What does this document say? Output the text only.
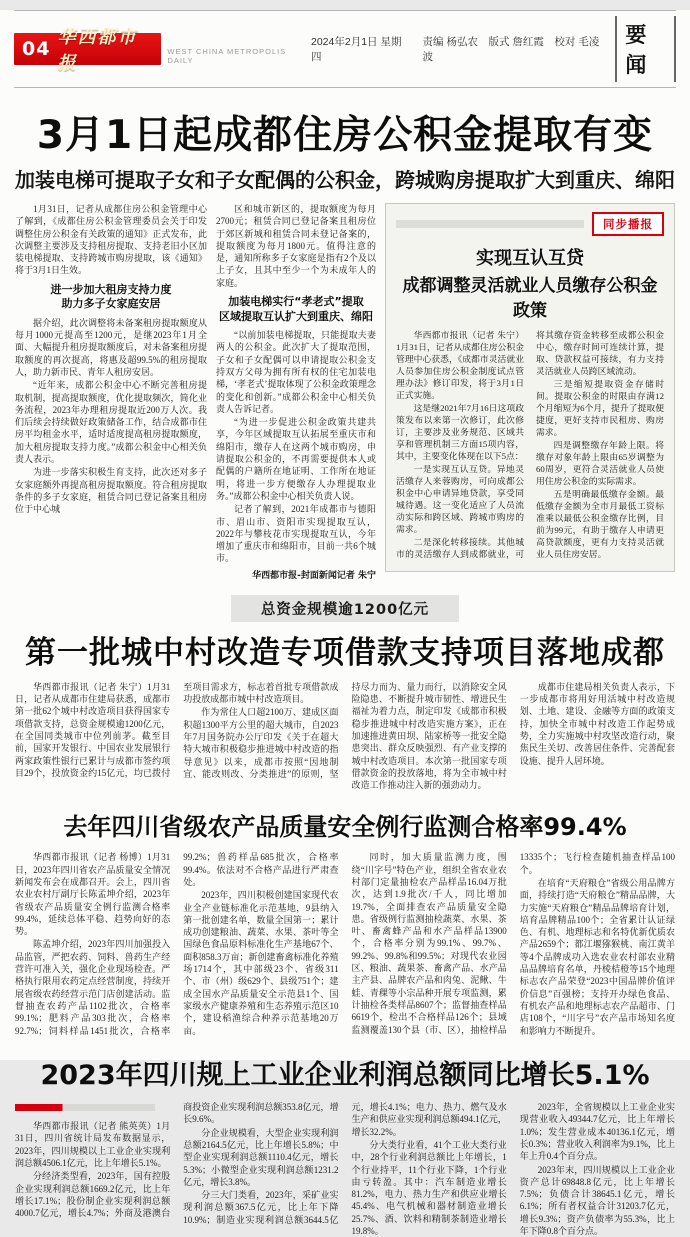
04
华西都市报
WEST CHINA METROPOLIS DAILY
2024年2月1日 星期四
责编 杨弘农　版式 詹红霞　校对 毛凌波
要闻
3月1日起成都住房公积金提取有变
加装电梯可提取子女和子女配偶的公积金，跨城购房提取扩大到重庆、绵阳

1月31日，记者从成都住房公积金管理中心了解到，《成都住房公积金管理委员会关于印发调整住房公积金有关政策的通知》正式发布，此次调整主要涉及支持租房提取、支持老旧小区加装电梯提取、支持跨城市购房提取，该《通知》将于3月1日生效。

进一步加大租房支持力度
助力多子女家庭安居

据介绍，此次调整将未备案租房提取额度从每月1000元提高至1200元，是继2023年1月全面、大幅提升租房提取额度后，对未备案租房提取额度的再次提高，将惠及超99.5%的租房提取人，助力新市民、青年人租房安居。

“近年来，成都公积金中心不断完善租房提取机制，提高提取额度，优化提取频次，简化业务流程，2023年办理租房提取近200万人次。我们后续会持续做好政策储备工作，结合成都市住房平均租金水平，适时适度提高租房提取额度，加大租房提取支持力度。”成都公积金中心相关负责人表示。

为进一步落实积极生育支持，此次还对多子女家庭额外再提高租房提取额度。符合租房提取条件的多子女家庭，租赁合同已登记备案且租房位于中心城

区和城市新区的，提取额度为每月2700元；租赁合同已登记备案且租房位于郊区新城和租赁合同未登记备案的，提取额度为每月1800元。值得注意的是，通知所称多子女家庭是指有2个及以上子女，且其中至少一个为未成年人的家庭。

加装电梯实行“孝老式”提取
区域提取互认扩大到重庆、绵阳

“以前加装电梯提取，只能提取夫妻两人的公积金。此次扩大了提取范围，子女和子女配偶可以申请提取公积金支持双方父母为拥有所有权的住宅加装电梯，‘孝老式’提取体现了公积金政策理念的变化和创新。”成都公积金中心相关负责人告诉记者。

“为进一步促进公积金政策共建共享，今年区域提取互认拓展至重庆市和绵阳市，缴存人在这两个城市购房，申请提取公积金的，不再需要提供本人或配偶的户籍所在地证明、工作所在地证明，将进一步方便缴存人办理提取业务。”成都公积金中心相关负责人说。

记者了解到，2021年成都市与德阳市、眉山市、资阳市实现提取互认，2022年与攀枝花市实现提取互认，今年增加了重庆市和绵阳市，目前一共6个城市。

华西都市报-封面新闻记者 朱宁
同步播报
实现互认互贷
成都调整灵活就业人员缴存公积金政策

华西都市报讯（记者 朱宁）1月31日，记者从成都住房公积金管理中心获悉，《成都市灵活就业人员参加住房公积金制度试点管理办法》修订印发，将于3月1日正式实施。

这是继2021年7月16日这项政策发布以来第一次修订，此次修订，主要涉及业务规范、区域共享和管理机制三方面15项内容，其中，主要变化体现在以下5点：

一是实现互认互贷。异地灵活缴存人来蓉购房，可向成都公积金中心申请异地贷款，享受同城待遇。这一变化适应了人员流动实际和跨区域、跨城市购房的需求。

二是深化转移接续。其他城市的灵活缴存人到成都就业，可将其缴存资金转移至成都公积金中心，缴存时间可连续计算，提取、贷款权益可接续，有力支持灵活就业人员跨区域流动。

三是缩短提取资金存储时间。提取公积金的时限由存满12个月缩短为6个月，提升了提取便捷度，更好支持市民租房、购房需求。

四是调整缴存年龄上限。将缴存对象年龄上限由65岁调整为60周岁，更符合灵活就业人员使用住房公积金的实际需求。

五是明确最低缴存金额。最低缴存金额为全市月最低工资标准乘以最低公积金缴存比例，目前为99元，有助于缴存人申请更高贷款额度，更有力支持灵活就业人员住房安居。

总资金规模逾1200亿元
第一批城中村改造专项借款支持项目落地成都

华西都市报讯（记者 朱宁）1月31日，记者从成都市住建局获悉，成都市第一批62个城中村改造项目获得国家专项借款支持，总资金规模逾1200亿元，在全国同类城市中位列前茅。截至目前，国家开发银行、中国农业发展银行两家政策性银行已累计与成都市签约项目29个，投放资金约15亿元，均已拨付至项目需求方，标志着首批专项借款成功投放成都市城中村改造项目。

作为常住人口超2100万、建成区面积超1300平方公里的超大城市，自2023年7月国务院办公厅印发《关于在超大特大城市积极稳步推进城中村改造的指导意见》以来，成都市按照“因地制宜、能改则改、分类推进”的原则，坚持尽力而为、量力而行，以消除安全风险隐患、不断提升城市韧性、增进民生福祉为着力点，制定印发《成都市积极稳步推进城中村改造实施方案》，正在加速推进黄田坝、陆家桥等一批安全隐患突出、群众反映强烈、有产业支撑的城中村改造项目。本次第一批国家专项借款资金的投放落地，将为全市城中村改造工作推动注入新的强劲动力。

成都市住建局相关负责人表示，下一步成都市将用好用活城中村改造规划、土地、建设、金融等方面的政策支持，加快全市城中村改造工作起势成势，全力实施城中村攻坚改造行动，聚焦民生关切、改善居住条件、完善配套设施、提升人居环境。

去年四川省级农产品质量安全例行监测合格率99.4%

华西都市报讯（记者 杨博）1月31日，2023年四川省农产品质量安全情况新闻发布会在成都召开。会上，四川省农业农村厅副厅长陈孟坤介绍，2023年省级农产品质量安全例行监测合格率99.4%，延续总体平稳、趋势向好的态势。

陈孟坤介绍，2023年四川加强投入品监管，严把农药、饲料、兽药生产经营许可准入关，强化企业现场检查。严格执行限用农药定点经营制度，持续开展省级农药经营示范门店创建活动。监督抽查农药产品1102批次，合格率99.1%；肥料产品303批次，合格率92.7%；饲料样品1451批次，合格率99.2%；兽药样品685批次，合格率99.4%。依法对不合格产品进行严肃查处。

2023年，四川积极创建国家现代农业全产业链标准化示范基地，9县纳入第一批创建名单，数量全国第一；累计成功创建粮油、蔬菜、水果、茶叶等全国绿色食品原料标准化生产基地67个、面积858.3万亩；新创建畜禽标准化养殖场1714个，其中部级23个、省级311个、市（州）级629个、县级751个；建成全国水产品质量安全示范县1个、国家级水产健康养殖和生态养殖示范区10个，建设稻渔综合种养示范基地20万亩。

同时，加大质量监测力度，围绕“川字号”特色产业，组织全省农业农村部门定量抽检农产品样品16.04万批次，达到1.9批次/千人，同比增加19.7%，全面排查农产品质量安全隐患。省级例行监测抽检蔬菜、水果、茶叶、畜禽蜂产品和水产品样品13900个，合格率分别为99.1%、99.7%、99.2%、99.8%和99.5%；对现代农业园区、粮油、蔬果茶、畜禽产品、水产品主产县、品牌农产品和肉兔、泥鳅、牛蛙、青稞等小宗品种开展专项监测，累计抽检各类样品8607个；监督抽查样品6619个，检出不合格样品126个；县域监测覆盖130个县（市、区），抽检样品13335个；飞行检查随机抽查样品100个。

在培育“天府粮仓”省级公用品牌方面，持续打造“天府粮仓”精品品牌，大力实施“天府粮仓”精品品牌培育计划，培育品牌精品100个；全省累计认证绿色、有机、地理标志和名特优新优质农产品2659个；都江堰猕猴桃、南江黄羊等4个品牌成功入选农业农村部农业精品品牌培育名单，丹棱桔橙等15个地理标志农产品荣登“2023中国品牌价值评价信息”百强榜；支持开办绿色食品、有机农产品和地理标志农产品超市、门店108个，“川字号”农产品市场知名度和影响力不断提升。

2023年四川规上工业企业利润总额同比增长5.1%

华西都市报讯（记者 熊英英）1月31日，四川省统计局发布数据显示，2023年，四川规模以上工业企业实现利润总额4506.1亿元，比上年增长5.1%。

分经济类型看，2023年，国有控股企业实现利润总额1669.2亿元，比上年增长17.1%；股份制企业实现利润总额4000.7亿元，增长4.7%；外商及港澳台商投资企业实现利润总额353.8亿元，增长9.6%。

分企业规模看，大型企业实现利润总额2164.5亿元，比上年增长5.8%；中型企业实现利润总额1110.4亿元，增长5.3%；小微型企业实现利润总额1231.2亿元，增长3.8%。

分三大门类看，2023年，采矿业实现利润总额367.5亿元，比上年下降10.9%；制造业实现利润总额3644.5亿元，增长4.1%；电力、热力、燃气及水生产和供应业实现利润总额494.1亿元，增长32.2%。

分大类行业看，41个工业大类行业中，28个行业利润总额比上年增长，1个行业持平，11个行业下降，1个行业由亏转盈。其中：汽车制造业增长81.2%，电力、热力生产和供应业增长45.4%、电气机械和器材制造业增长25.7%、酒、饮料和精制茶制造业增长19.8%。

2023年，全省规模以上工业企业实现营业收入49344.7亿元，比上年增长1.0%；发生营业成本40136.1亿元，增长0.3%；营业收入利润率为9.1%，比上年上升0.4个百分点。

2023年末，四川规模以上工业企业资产总计69848.8亿元，比上年增长7.5%；负债合计38645.1亿元，增长6.1%；所有者权益合计31203.7亿元，增长9.3%；资产负债率为55.3%，比上年下降0.8个百分点。
